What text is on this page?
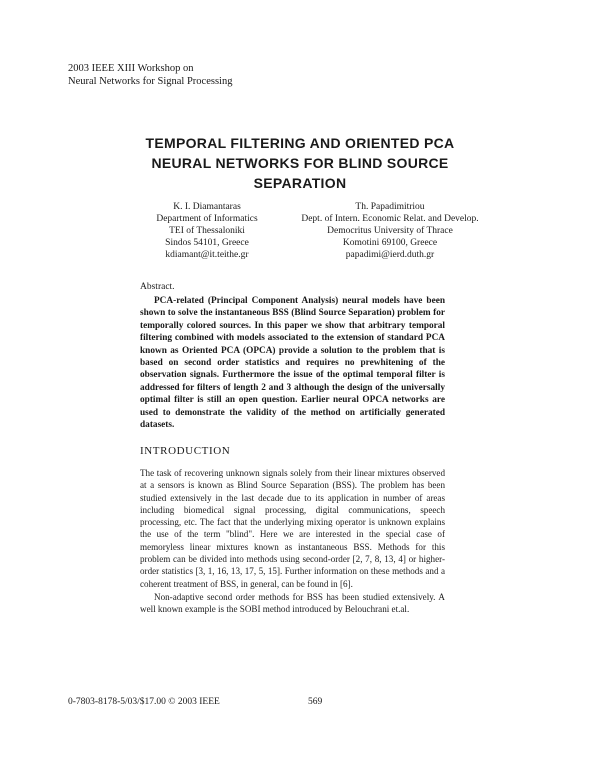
2003 IEEE XIII Workshop on
Neural Networks for Signal Processing
TEMPORAL FILTERING AND ORIENTED PCA
NEURAL NETWORKS FOR BLIND SOURCE
SEPARATION
K. I. Diamantaras
Department of Informatics
TEI of Thessaloniki
Sindos 54101, Greece
kdiamant@it.teithe.gr
Th. Papadimitriou
Dept. of Intern. Economic Relat. and Develop.
Democritus University of Thrace
Komotini 69100, Greece
papadimi@ierd.duth.gr
Abstract.
PCA-related (Principal Component Analysis) neural models have been shown to solve the instantaneous BSS (Blind Source Separation) problem for temporally colored sources. In this paper we show that arbitrary temporal filtering combined with models associated to the extension of standard PCA known as Oriented PCA (OPCA) provide a solution to the problem that is based on second order statistics and requires no prewhitening of the observation signals. Furthermore the issue of the optimal temporal filter is addressed for filters of length 2 and 3 although the design of the universally optimal filter is still an open question. Earlier neural OPCA networks are used to demonstrate the validity of the method on artificially generated datasets.
INTRODUCTION

The task of recovering unknown signals solely from their linear mixtures observed at a sensors is known as Blind Source Separation (BSS). The problem has been studied extensively in the last decade due to its application in number of areas including biomedical signal processing, digital communications, speech processing, etc. The fact that the underlying mixing operator is unknown explains the use of the term "blind". Here we are interested in the special case of memoryless linear mixtures known as instantaneous BSS. Methods for this problem can be divided into methods using second-order [2, 7, 8, 13, 4] or higher-order statistics [3, 1, 16, 13, 17, 5, 15]. Further information on these methods and a coherent treatment of BSS, in general, can be found in [6].

Non-adaptive second order methods for BSS has been studied extensively. A well known example is the SOBI method introduced by Belouchrani et.al.

0-7803-8178-5/03/$17.00 © 2003 IEEE	569
